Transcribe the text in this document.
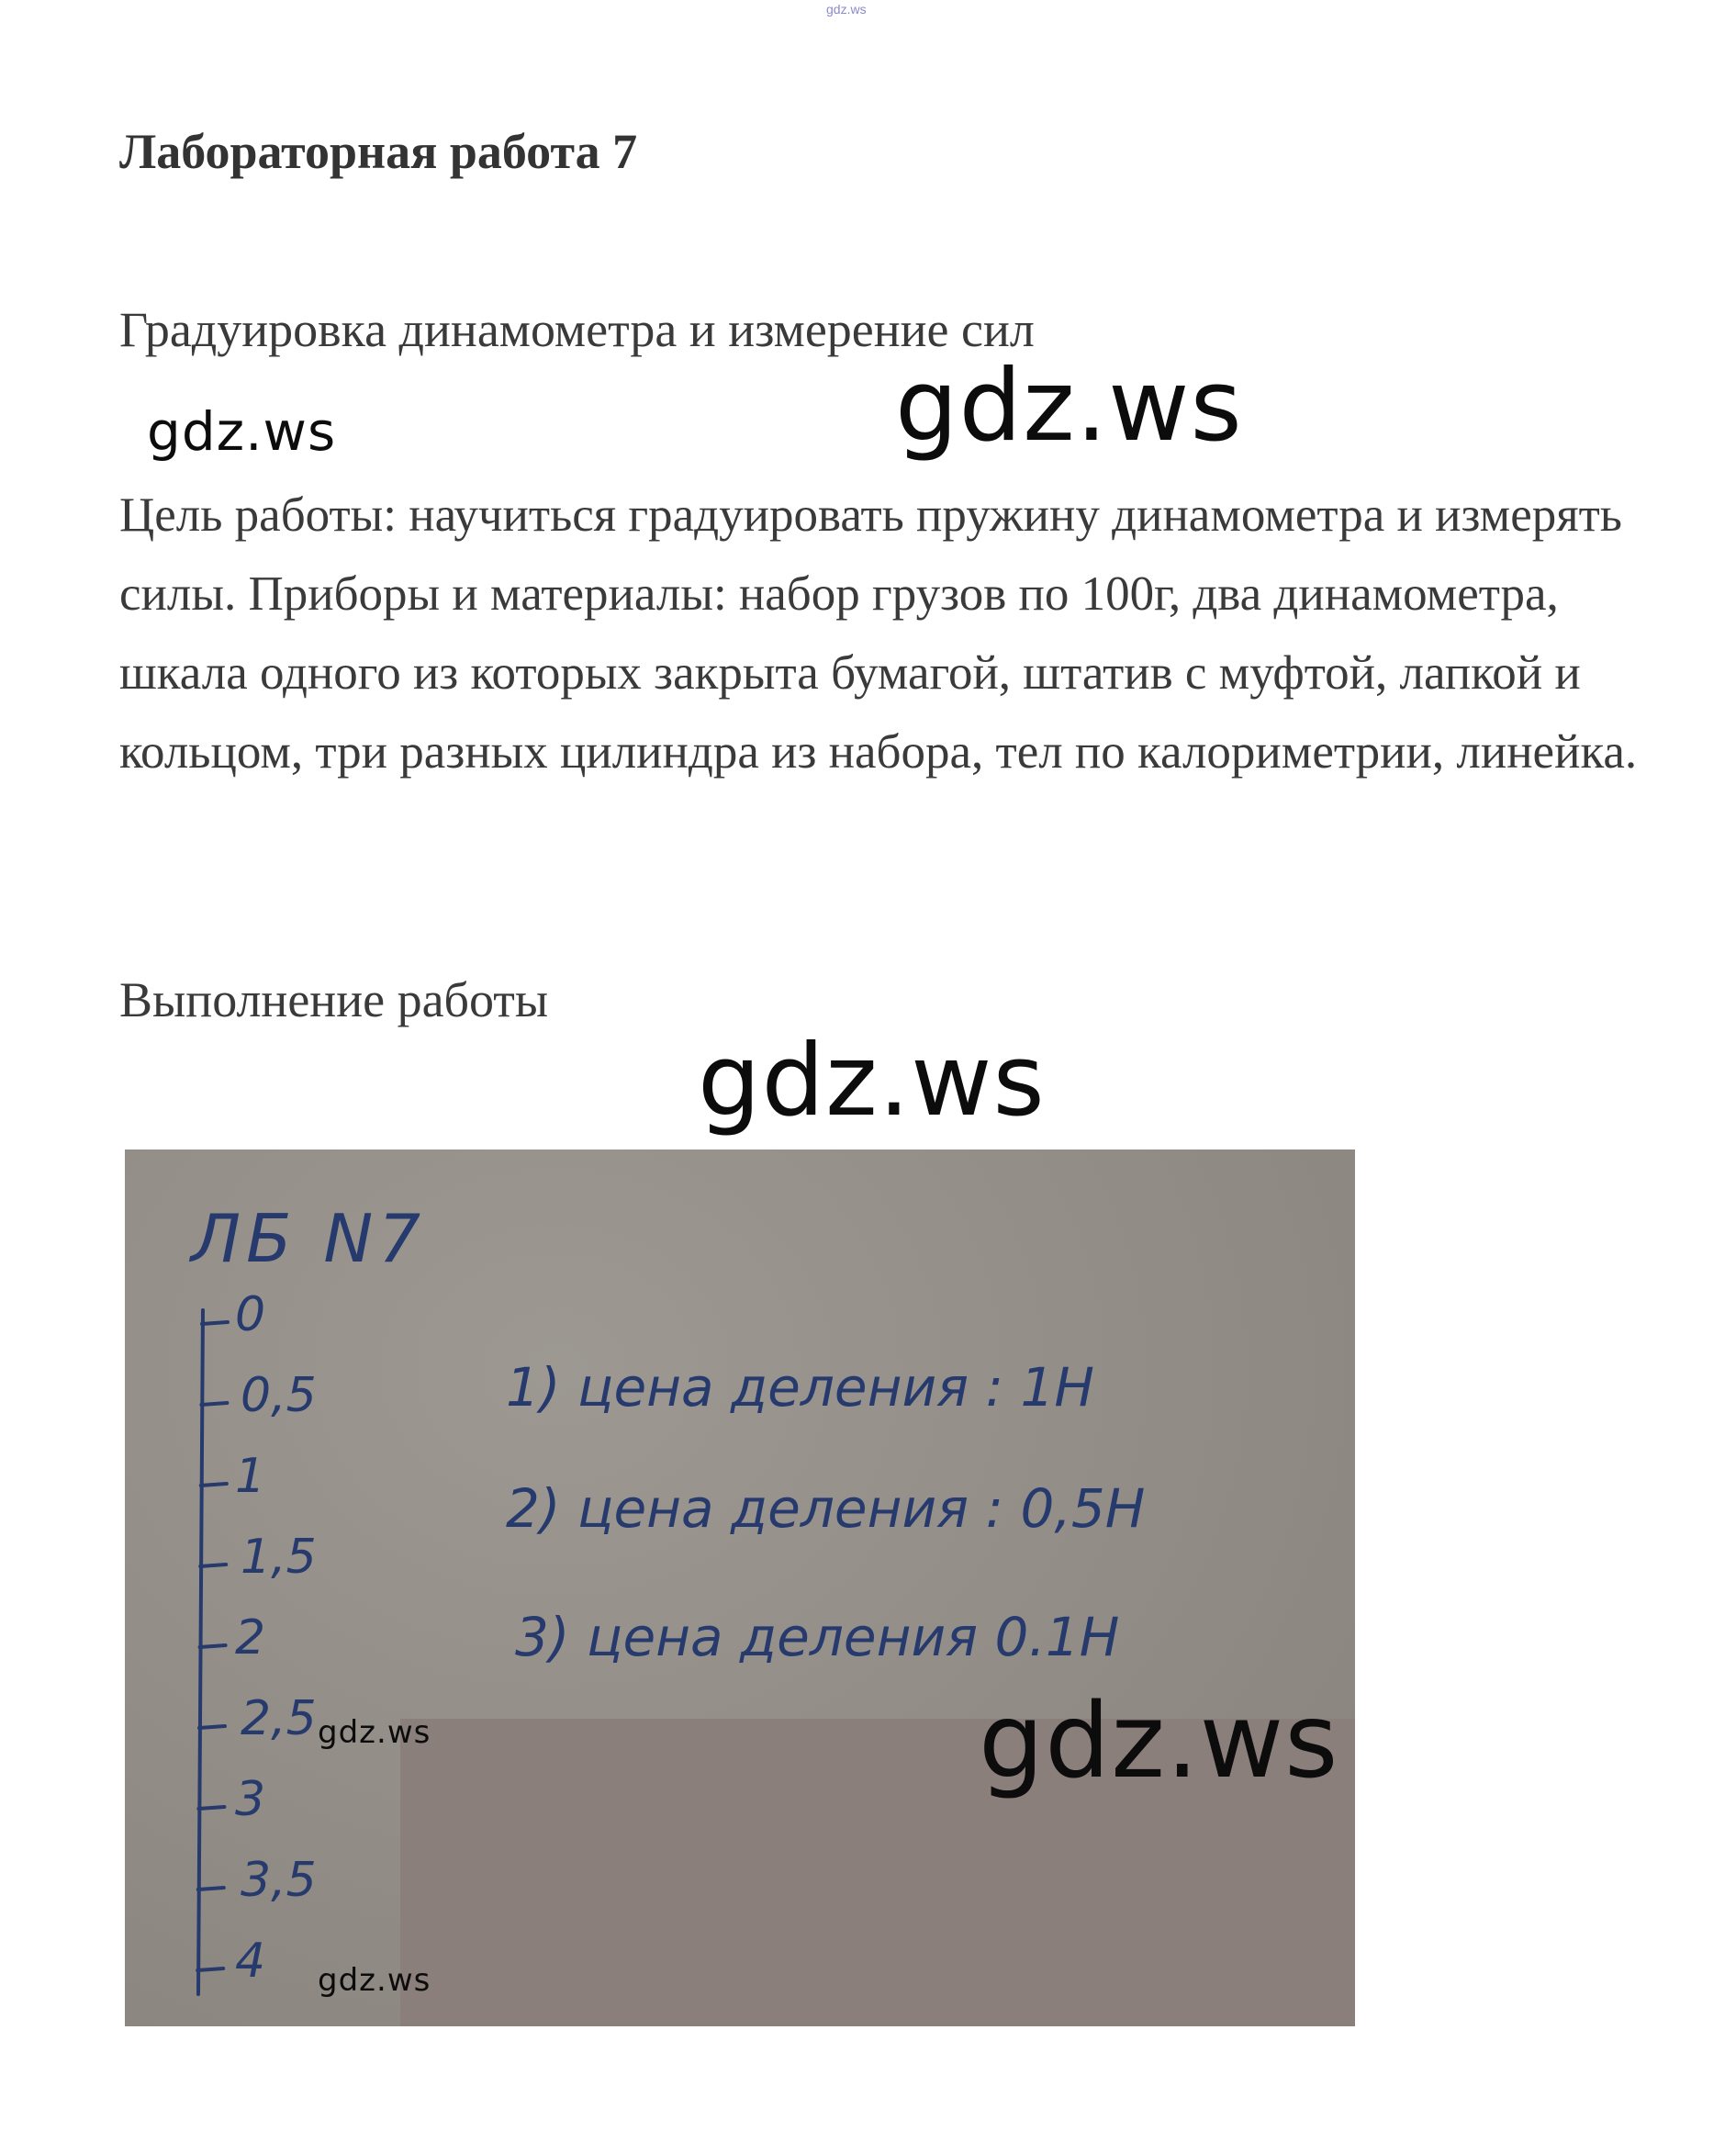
gdz.ws
Лабораторная работа 7

Градуировка динамометра и измерение сил

gdz.ws	gdz.ws

Цель работы: научиться градуировать пружину динамометра и измерять силы. Приборы и материалы: набор грузов по 100г, два динамометра, шкала одного из которых закрыта бумагой, штатив с муфтой, лапкой и кольцом, три разных цилиндра из набора, тел по калориметрии, линейка.

Выполнение работы

gdz.ws
ЛБ N7
0
0,5
1
1,5
2
2,5
3
3,5
4
1) цена деления : 1Н
2) цена деления : 0,5Н
3) цена деления 0.1Н
gdz.ws	gdz.ws
gdz.ws
